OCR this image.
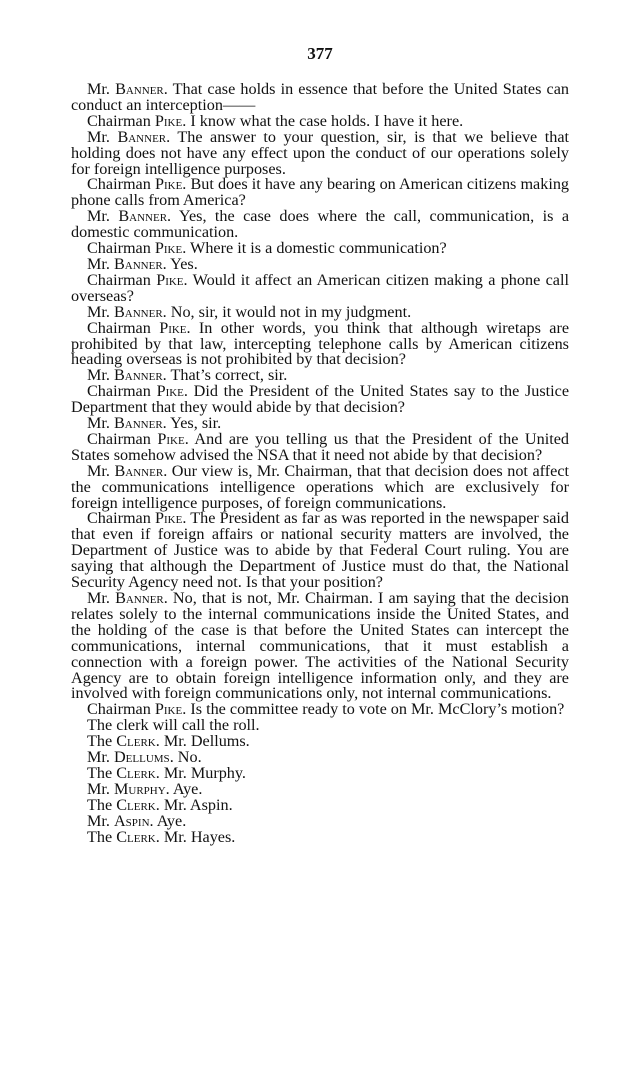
377

Mr. Banner. That case holds in essence that before the United States can conduct an interception——

Chairman Pike. I know what the case holds. I have it here.

Mr. Banner. The answer to your question, sir, is that we believe that holding does not have any effect upon the conduct of our operations solely for foreign intelligence purposes.

Chairman Pike. But does it have any bearing on American citizens making phone calls from America?

Mr. Banner. Yes, the case does where the call, communication, is a domestic communication.

Chairman Pike. Where it is a domestic communication?

Mr. Banner. Yes.

Chairman Pike. Would it affect an American citizen making a phone call overseas?

Mr. Banner. No, sir, it would not in my judgment.

Chairman Pike. In other words, you think that although wiretaps are prohibited by that law, intercepting telephone calls by American citizens heading overseas is not prohibited by that decision?

Mr. Banner. That’s correct, sir.

Chairman Pike. Did the President of the United States say to the Justice Department that they would abide by that decision?

Mr. Banner. Yes, sir.

Chairman Pike. And are you telling us that the President of the United States somehow advised the NSA that it need not abide by that decision?

Mr. Banner. Our view is, Mr. Chairman, that that decision does not affect the communications intelligence operations which are exclusively for foreign intelligence purposes, of foreign communications.

Chairman Pike. The President as far as was reported in the newspaper said that even if foreign affairs or national security matters are involved, the Department of Justice was to abide by that Federal Court ruling. You are saying that although the Department of Justice must do that, the National Security Agency need not. Is that your position?

Mr. Banner. No, that is not, Mr. Chairman. I am saying that the decision relates solely to the internal communications inside the United States, and the holding of the case is that before the United States can intercept the communications, internal communications, that it must establish a connection with a foreign power. The activities of the National Security Agency are to obtain foreign intelligence information only, and they are involved with foreign communications only, not internal communications.

Chairman Pike. Is the committee ready to vote on Mr. McClory’s motion?

The clerk will call the roll.

The Clerk. Mr. Dellums.

Mr. Dellums. No.

The Clerk. Mr. Murphy.

Mr. Murphy. Aye.

The Clerk. Mr. Aspin.

Mr. Aspin. Aye.

The Clerk. Mr. Hayes.
